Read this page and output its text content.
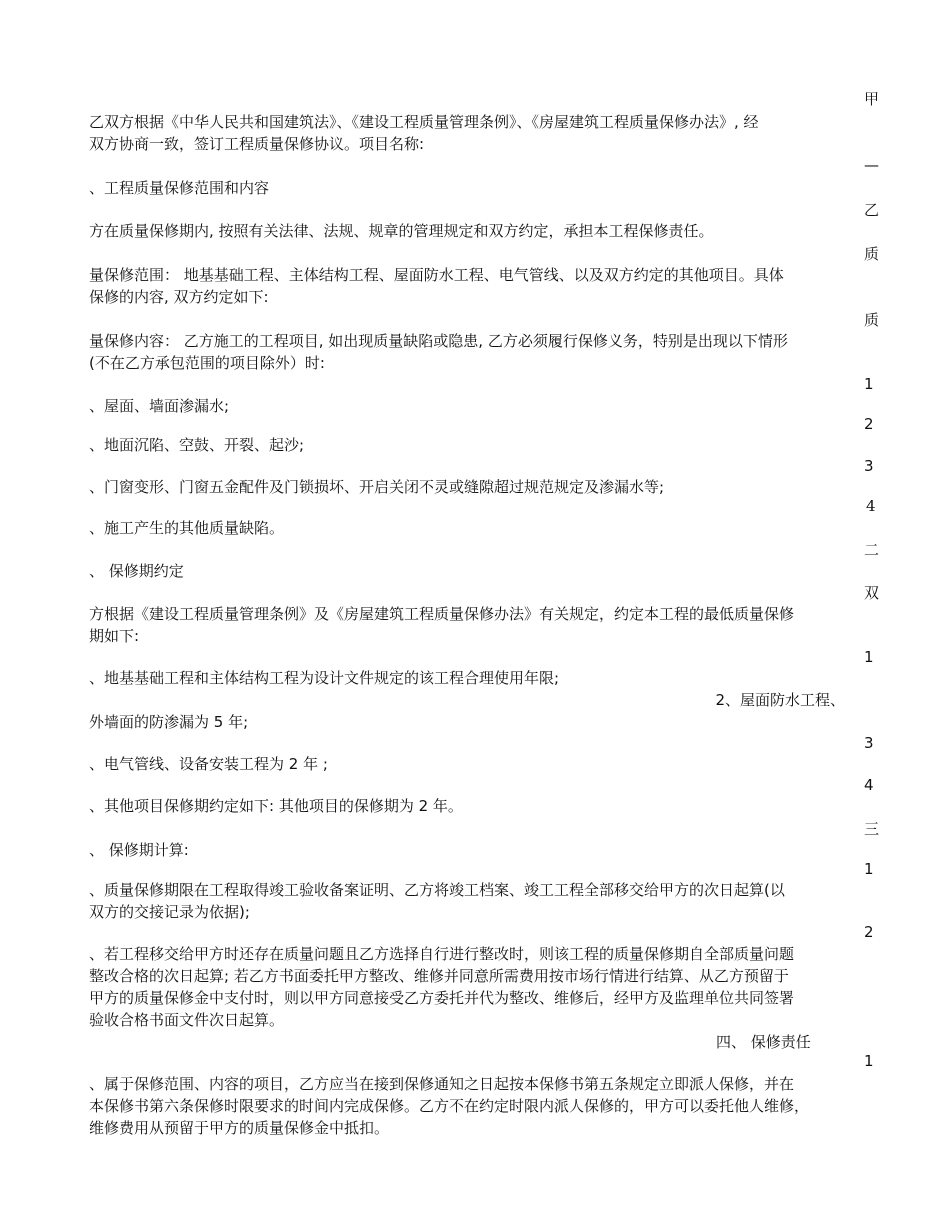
甲
—
乙
质
质
1
2
3
4
二
双
1
3
4
三
1
2
1
乙双方根据《中华人民共和国建筑法》、《建设工程质量管理条例》、《房屋建筑工程质量保修办法》, 经
双方协商一致，签订工程质量保修协议。项目名称:
、工程质量保修范围和内容
方在质量保修期内, 按照有关法律、法规、规章的管理规定和双方约定，承担本工程保修责任。
量保修范围： 地基基础工程、主体结构工程、屋面防水工程、电气管线、以及双方约定的其他项目。具体
保修的内容, 双方约定如下:
量保修内容： 乙方施工的工程项目, 如出现质量缺陷或隐患, 乙方必须履行保修义务，特别是出现以下情形
(不在乙方承包范围的项目除外）时:
、屋面、墙面渗漏水;
、地面沉陷、空鼓、开裂、起沙;
、门窗变形、门窗五金配件及门锁损坏、开启关闭不灵或缝隙超过规范规定及渗漏水等;
、施工产生的其他质量缺陷。
、 保修期约定
方根据《建设工程质量管理条例》及《房屋建筑工程质量保修办法》有关规定，约定本工程的最低质量保修
期如下:
、地基基础工程和主体结构工程为设计文件规定的该工程合理使用年限;
2、屋面防水工程、
外墙面的防渗漏为 5 年;
、电气管线、设备安装工程为 2 年 ;
、其他项目保修期约定如下: 其他项目的保修期为 2 年。
、 保修期计算:
、质量保修期限在工程取得竣工验收备案证明、乙方将竣工档案、竣工工程全部移交给甲方的次日起算(以
双方的交接记录为依据);
、若工程移交给甲方时还存在质量问题且乙方选择自行进行整改时，则该工程的质量保修期自全部质量问题
整改合格的次日起算; 若乙方书面委托甲方整改、维修并同意所需费用按市场行情进行结算、从乙方预留于
甲方的质量保修金中支付时，则以甲方同意接受乙方委托并代为整改、维修后，经甲方及监理单位共同签署
验收合格书面文件次日起算。
四、 保修责任
、属于保修范围、内容的项目，乙方应当在接到保修通知之日起按本保修书第五条规定立即派人保修，并在
本保修书第六条保修时限要求的时间内完成保修。乙方不在约定时限内派人保修的，甲方可以委托他人维修，
维修费用从预留于甲方的质量保修金中抵扣。
